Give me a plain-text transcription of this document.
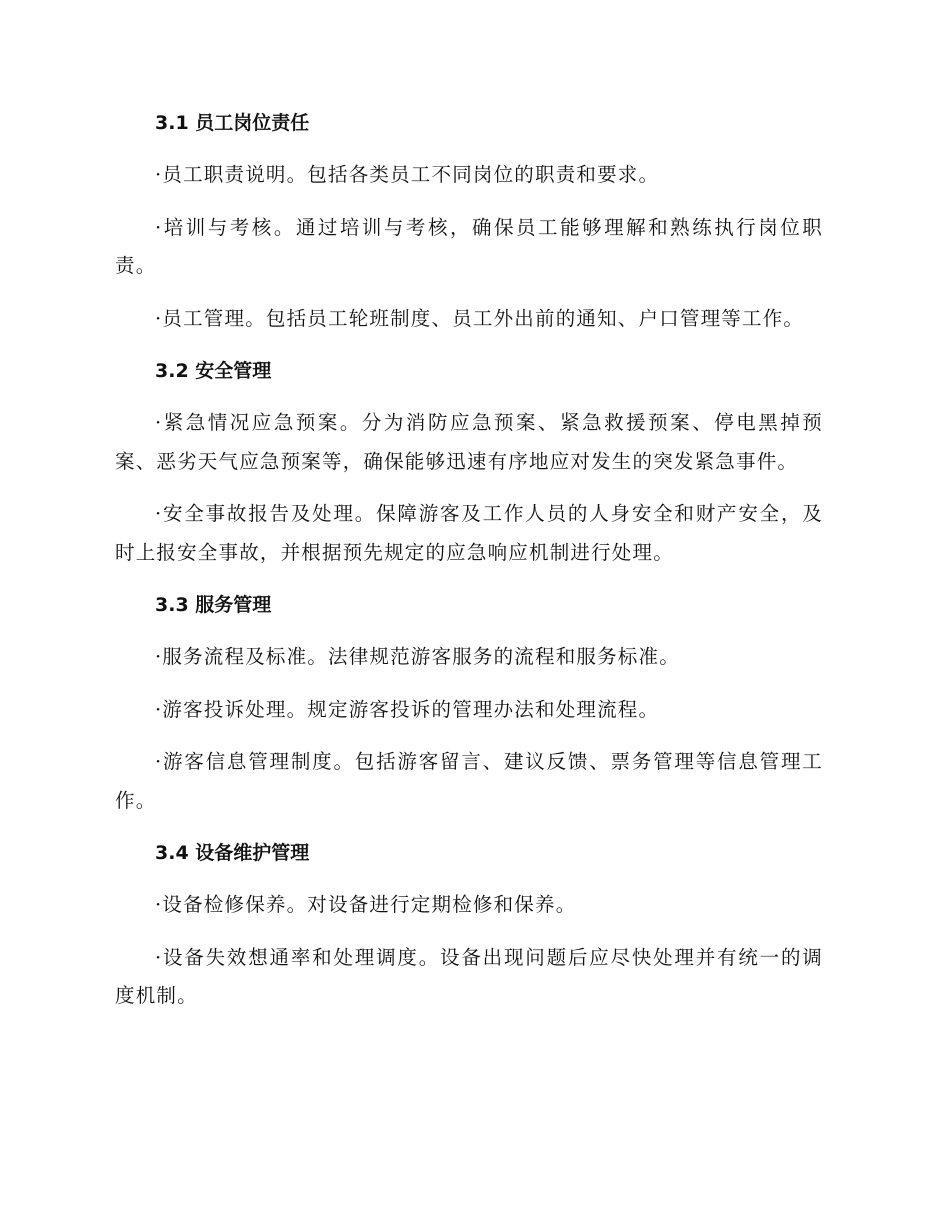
3.1 员工岗位责任

·员工职责说明。包括各类员工不同岗位的职责和要求。

·培训与考核。通过培训与考核，确保员工能够理解和熟练执行岗位职责。

·员工管理。包括员工轮班制度、员工外出前的通知、户口管理等工作。

3.2 安全管理

·紧急情况应急预案。分为消防应急预案、紧急救援预案、停电黑掉预案、恶劣天气应急预案等，确保能够迅速有序地应对发生的突发紧急事件。

·安全事故报告及处理。保障游客及工作人员的人身安全和财产安全，及时上报安全事故，并根据预先规定的应急响应机制进行处理。

3.3 服务管理

·服务流程及标准。法律规范游客服务的流程和服务标准。

·游客投诉处理。规定游客投诉的管理办法和处理流程。

·游客信息管理制度。包括游客留言、建议反馈、票务管理等信息管理工作。

3.4 设备维护管理

·设备检修保养。对设备进行定期检修和保养。

·设备失效想通率和处理调度。设备出现问题后应尽快处理并有统一的调度机制。
